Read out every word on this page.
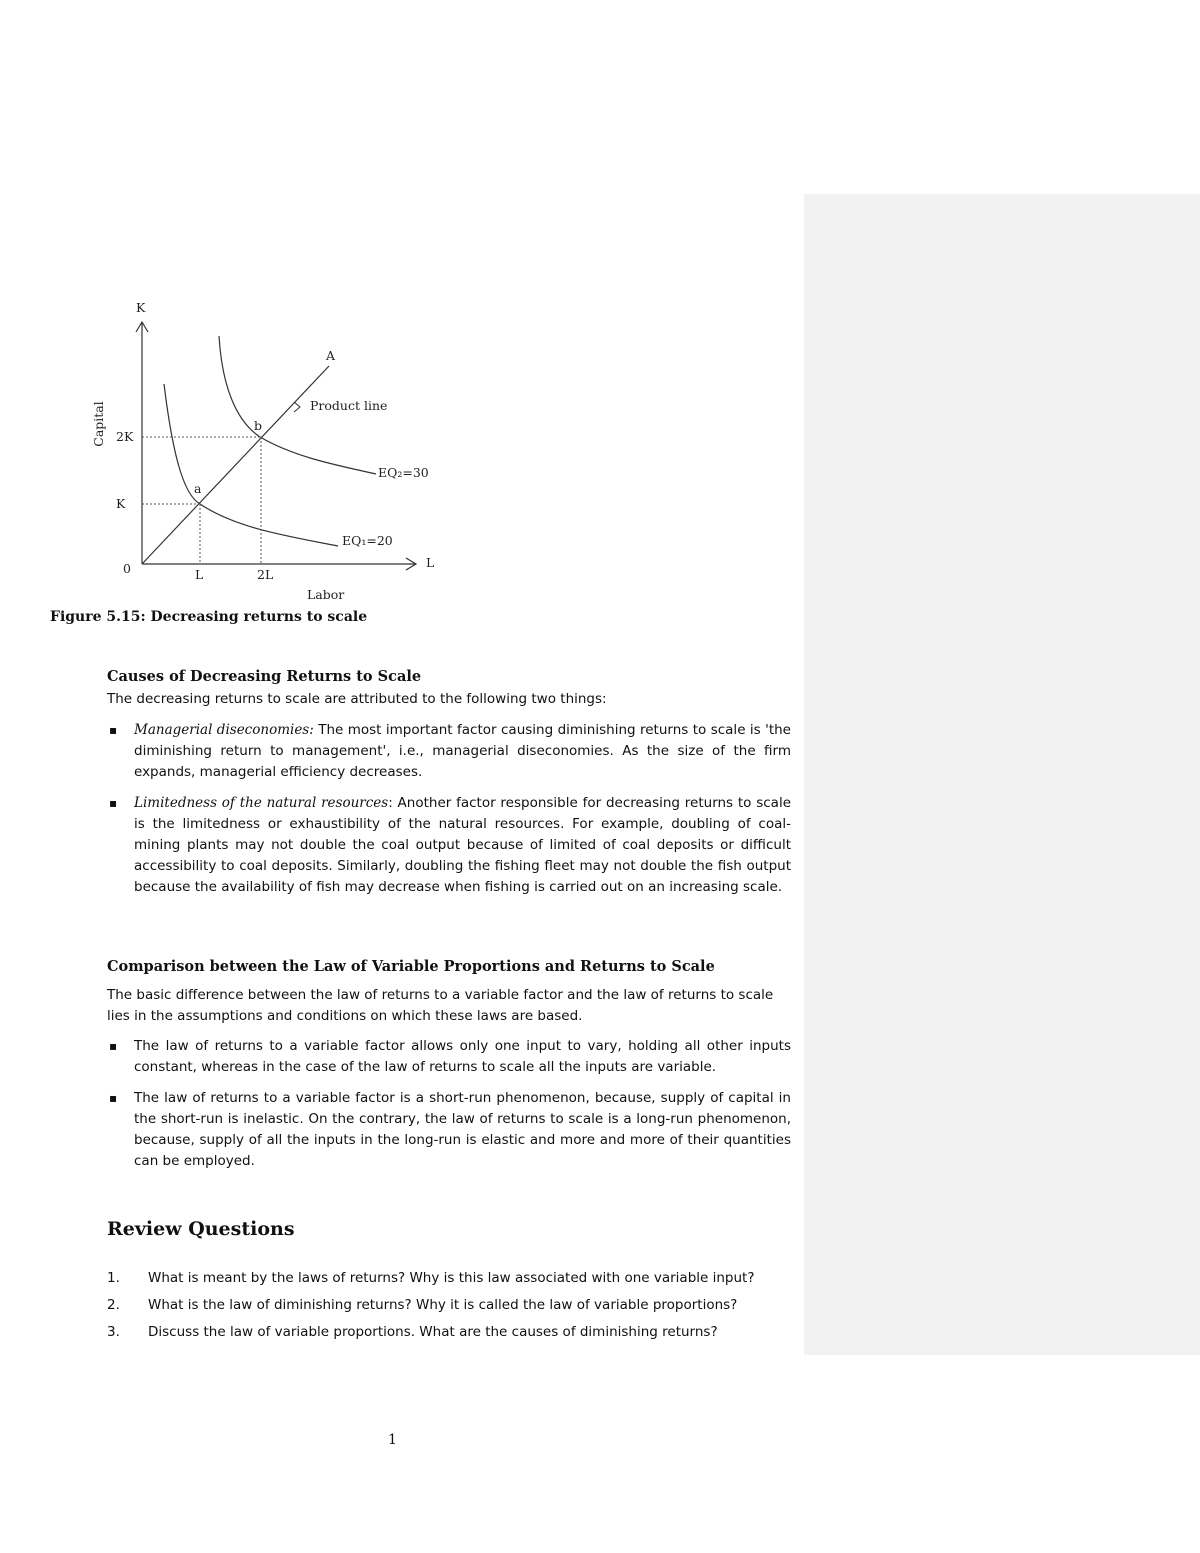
K
Capital 2K
K
0	L	2L
L
Labor
a
b
A
Product line
EQ₂=30
EQ₁=20
Figure 5.15: Decreasing returns to scale
Causes of Decreasing Returns to Scale
The decreasing returns to scale are attributed to the following two things:
▪ Managerial diseconomies: The most important factor causing diminishing returns to scale is 'the diminishing return to management', i.e., managerial diseconomies. As the size of the firm expands, managerial efficiency decreases.
▪ Limitedness of the natural resources: Another factor responsible for decreasing returns to scale is the limitedness or exhaustibility of the natural resources. For example, doubling of coal-mining plants may not double the coal output because of limited of coal deposits or difficult accessibility to coal deposits. Similarly, doubling the fishing fleet may not double the fish output because the availability of fish may decrease when fishing is carried out on an increasing scale.
Comparison between the Law of Variable Proportions and Returns to Scale
The basic difference between the law of returns to a variable factor and the law of returns to scale lies in the assumptions and conditions on which these laws are based.
▪ The law of returns to a variable factor allows only one input to vary, holding all other inputs constant, whereas in the case of the law of returns to scale all the inputs are variable.
▪ The law of returns to a variable factor is a short-run phenomenon, because, supply of capital in the short-run is inelastic. On the contrary, the law of returns to scale is a long-run phenomenon, because, supply of all the inputs in the long-run is elastic and more and more of their quantities can be employed.
Review Questions
1. What is meant by the laws of returns? Why is this law associated with one variable input?
2. What is the law of diminishing returns? Why it is called the law of variable proportions?
3. Discuss the law of variable proportions. What are the causes of diminishing returns?
1
